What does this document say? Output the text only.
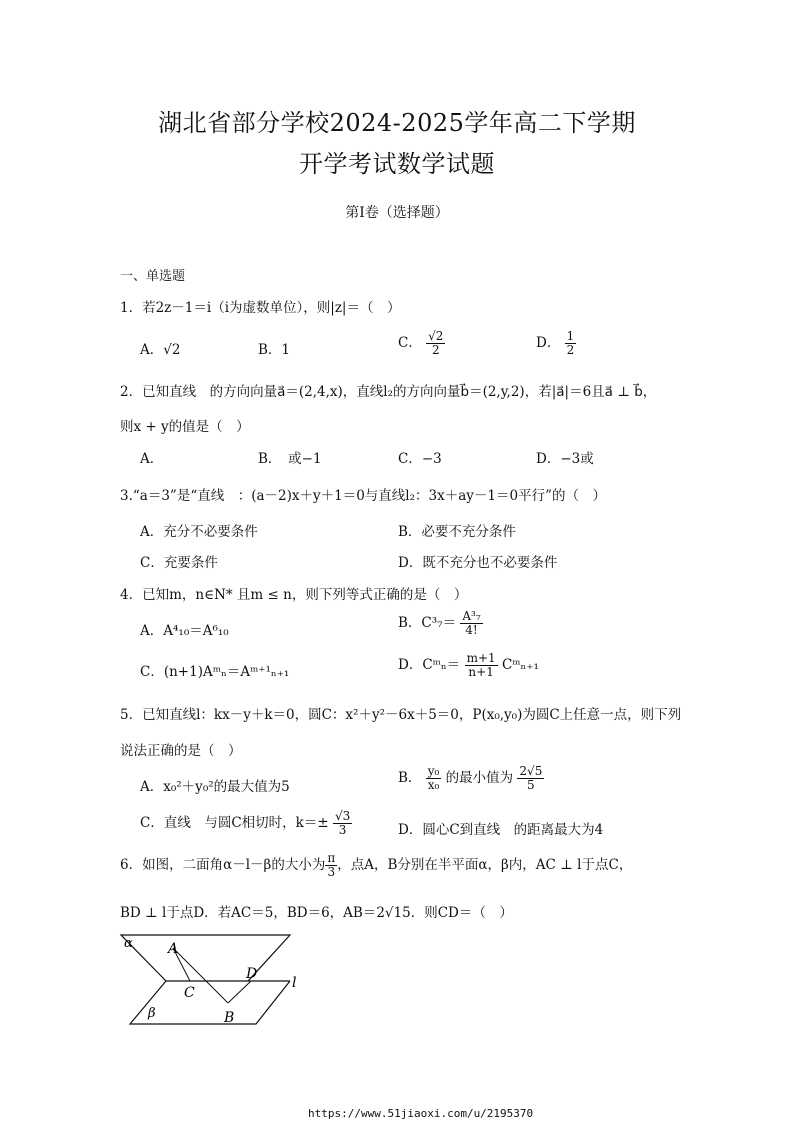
湖北省部分学校2024-2025学年高二下学期
开学考试数学试题
第Ⅰ卷（选择题）
一、单选题
1．若2z－1＝i（i为虚数单位），则|z|＝（　）
A．√2	B．1	C． $\frac{√2}{2}$	D． $\frac{1}{2}$
2．已知直线　的方向向量a⃗＝(2,4,x)，直线l₂的方向向量b⃗＝(2,y,2)，若|a⃗|＝6且a⃗ ⊥ b⃗，
则x + y的值是（　）
A．	B．　或−1	C．−3	D．−3或
3.“a＝3”是“直线　：(a－2)x＋y＋1＝0与直线l₂：3x＋ay－1＝0平行”的（　）
A．充分不必要条件	B．必要不充分条件
C．充要条件	D．既不充分也不必要条件
4．已知m，n∈N* 且m ≤ n，则下列等式正确的是（　）
A．A⁴₁₀＝A⁶₁₀	B．$C^3_7= \frac{\text{A³₇}}{4!}$
C．(n+1)Aᵐₙ＝Aᵐ⁺¹ₙ₊₁	D．Cᵐₙ＝ $\frac{m+1}{n+1}$ Cᵐₙ₊₁
5．已知直线l：kx－y＋k＝0，圆C：x²＋y²－6x＋5＝0，P(x₀,y₀)为圆C上任意一点，则下列
说法正确的是（　）
A．x₀²＋y₀²的最大值为5
B． $\frac{\text{y₀}}{\text{x₀}}$ 的最小值为 $\frac{2√5}{5}$
C．直线　与圆C相切时，$k=\pm \frac{√3}{3}$	D．圆心C到直线　的距离最大为4
6．如图，二面角α－l－β的大小为 $\frac{\pi}{3}$ ，点A，B分别在半平面α，β内，AC ⊥ l于点C，
BD ⊥ l于点D．若AC＝5，BD＝6，AB＝2√15．则CD＝（　）
α	A
C
D
l
β	B
https://www.51jiaoxi.com/u/2195370
